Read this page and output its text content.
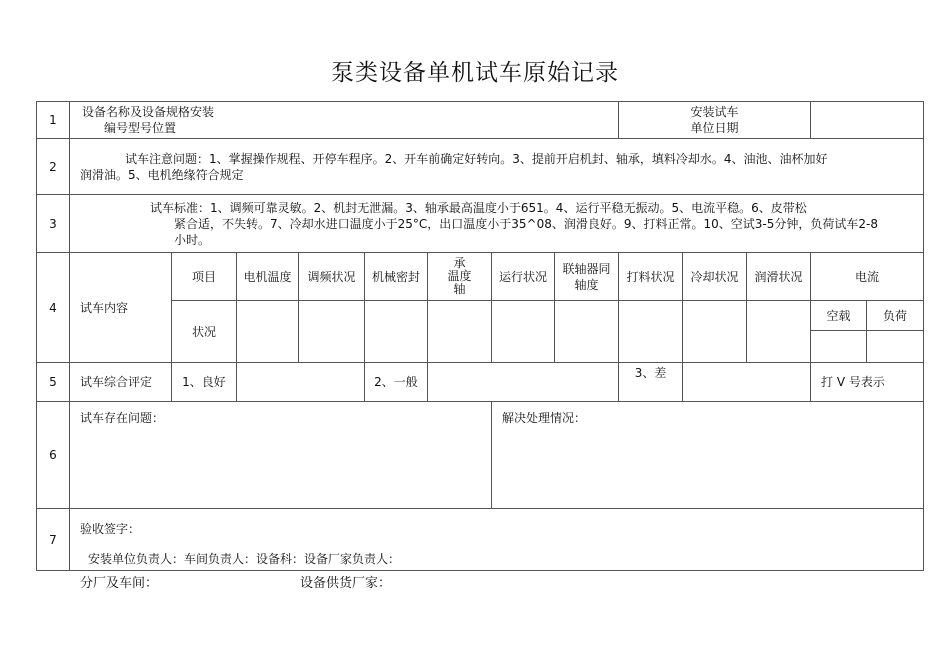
泵类设备单机试车原始记录
1	设备名称及设备规格安装
编号型号位置								安装试车
单位日期				

2	试车注意问题：1、掌握操作规程、开停车程序。2、开车前确定好转向。3、提前开启机封、轴承，填料冷却水。4、油池、油杯加好
润滑油。5、电机绝缘符合规定												

3	试车标准：1、调频可靠灵敏。2、机封无泄漏。3、轴承最高温度小于651。4、运行平稳无振动。5、电流平稳。6、皮带松
紧合适，不失转。7、冷却水进口温度小于25°C，出口温度小于35^08、润滑良好。9、打料正常。10、空试3-5分钟，负荷试车2-8
小时。												

4	试车内容	项目	电机温度	调频状况	机械密封	承
温度
轴	运行状况	联轴器同
轴度	打料状况	冷却状况	润滑状况	电流	
		状况										空载	负荷

5	试车综合评定	1、良好			2、一般				3、差			打 V 号表示	
6	试车存在问题：						解决处理情况：						
7	验收签字：
安装单位负责人：车间负责人：设备科：设备厂家负责人：												
分厂及车间：	设备供货厂家：
